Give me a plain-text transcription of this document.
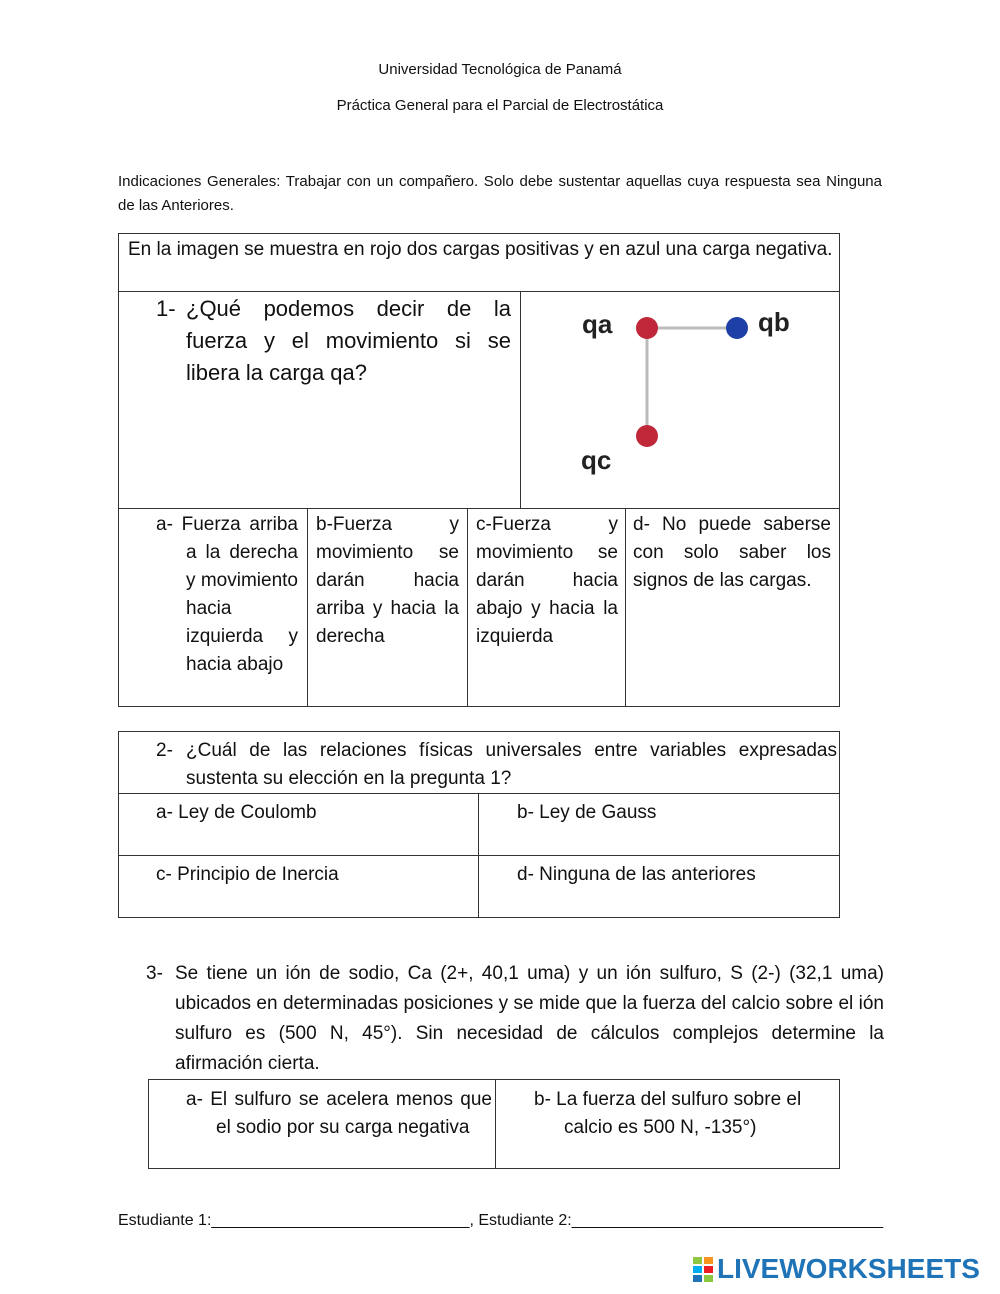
Universidad Tecnológica de Panamá
Práctica General para el Parcial de Electrostática
Indicaciones Generales: Trabajar con un compañero. Solo debe sustentar aquellas cuya respuesta sea Ninguna de las Anteriores.
En la imagen se muestra en rojo dos cargas positivas y en azul una carga negativa.
1- ¿Qué podemos decir de la fuerza y el movimiento si se libera la carga qa?
qa	qb
qc
a- Fuerza arriba a la derecha y movimiento hacia izquierda y hacia abajo
b-Fuerza y movimiento se darán hacia arriba y hacia la derecha
c-Fuerza y movimiento se darán hacia abajo y hacia la izquierda
d- No puede saberse con solo saber los signos de las cargas.
2- ¿Cuál de las relaciones físicas universales entre variables expresadas sustenta su elección en la pregunta 1?
a- Ley de Coulomb	b- Ley de Gauss
c- Principio de Inercia	d- Ninguna de las anteriores
3- Se tiene un ión de sodio, Ca (2+, 40,1 uma) y un ión sulfuro, S (2-) (32,1 uma) ubicados en determinadas posiciones y se mide que la fuerza del calcio sobre el ión sulfuro es (500 N, 45°). Sin necesidad de cálculos complejos determine la afirmación cierta.
a- El sulfuro se acelera menos que el sodio por su carga negativa
b- La fuerza del sulfuro sobre el calcio es 500 N, -135°)
Estudiante 1:_____________________________, Estudiante 2:___________________________________
LIVEWORKSHEETS
